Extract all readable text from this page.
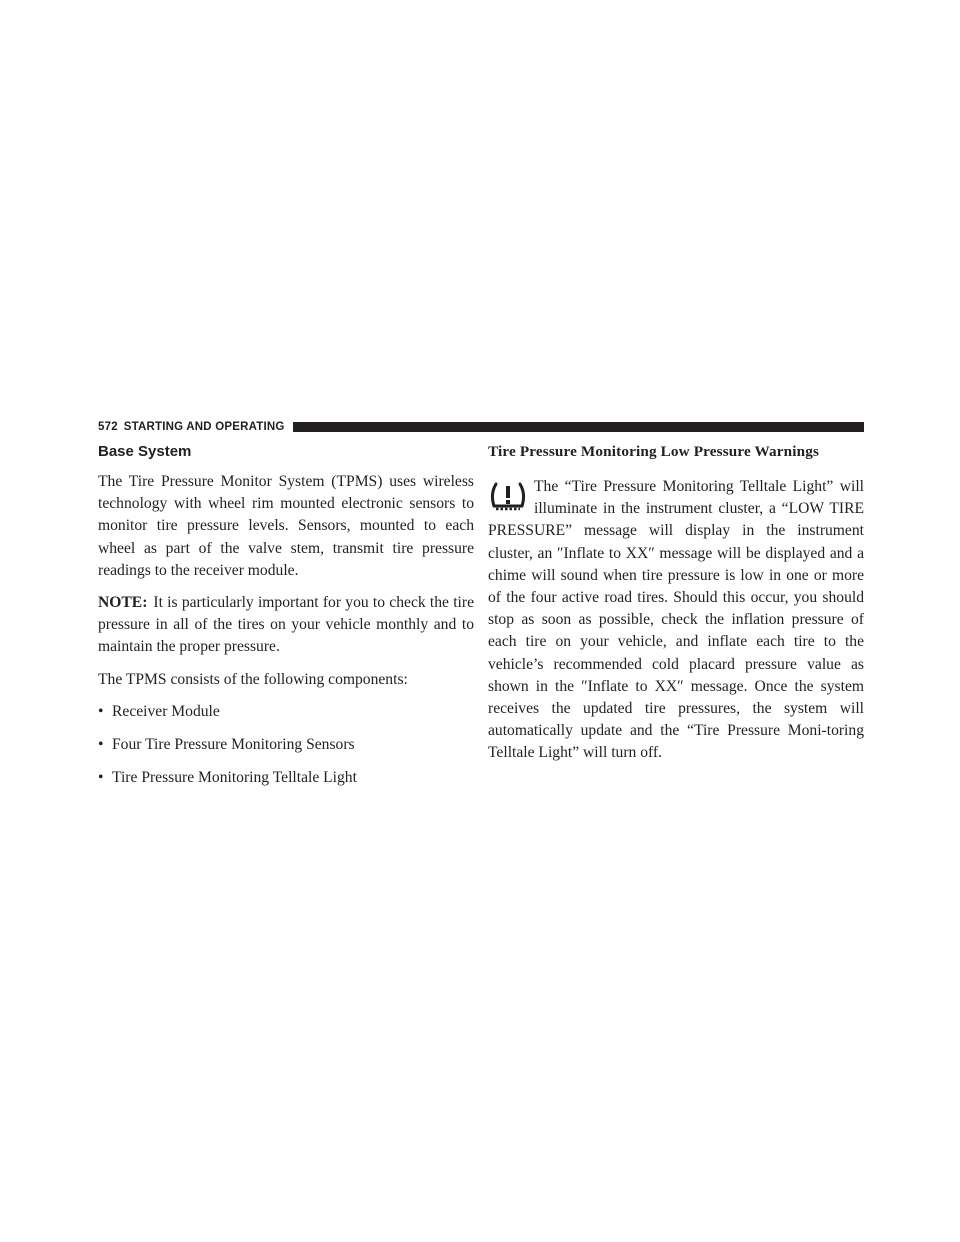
572 STARTING AND OPERATING
Base System

The Tire Pressure Monitor System (TPMS) uses wireless technology with wheel rim mounted electronic sensors to monitor tire pressure levels. Sensors, mounted to each wheel as part of the valve stem, transmit tire pressure readings to the receiver module.

NOTE: It is particularly important for you to check the tire pressure in all of the tires on your vehicle monthly and to maintain the proper pressure.

The TPMS consists of the following components:

• Receiver Module
• Four Tire Pressure Monitoring Sensors
• Tire Pressure Monitoring Telltale Light
Tire Pressure Monitoring Low Pressure Warnings

The “Tire Pressure Monitoring Telltale Light” will illuminate in the instrument cluster, a “LOW TIRE PRESSURE” message will display in the instrument cluster, an ″Inflate to XX″ message will be displayed and a chime will sound when tire pressure is low in one or more of the four active road tires. Should this occur, you should stop as soon as possible, check the inflation pressure of each tire on your vehicle, and inflate each tire to the vehicle’s recommended cold placard pressure value as shown in the ″Inflate to XX″ message. Once the system receives the updated tire pressures, the system will automatically update and the “Tire Pressure Moni-toring Telltale Light” will turn off.
